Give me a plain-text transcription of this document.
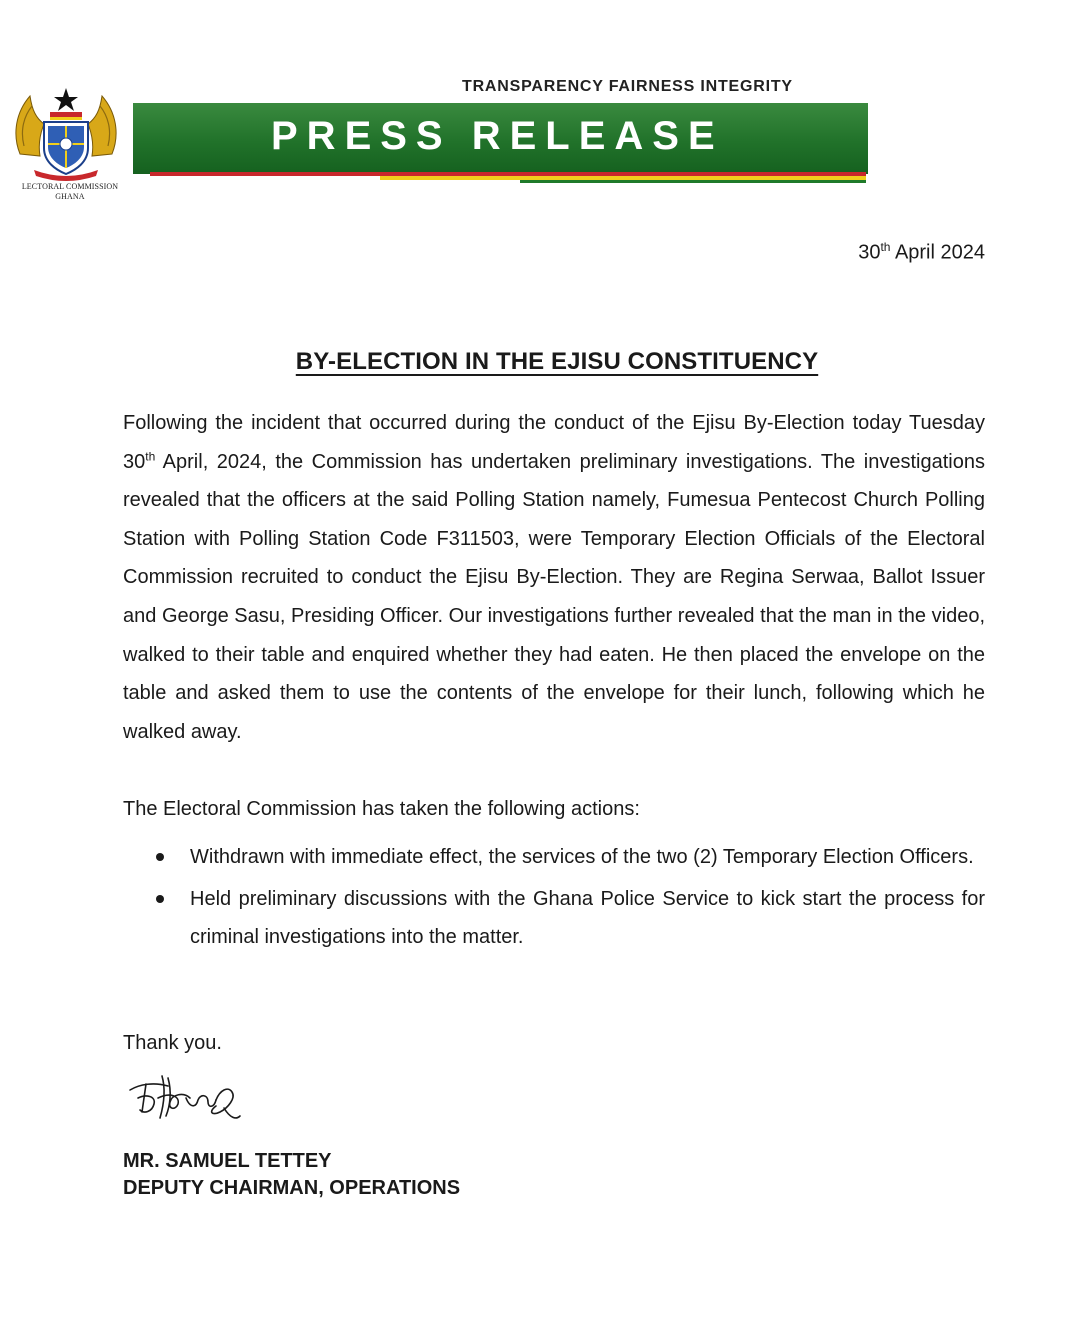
LECTORAL COMMISSION
GHANA
TRANSPARENCY FAIRNESS INTEGRITY
PRESS RELEASE
30th April 2024
BY-ELECTION IN THE EJISU CONSTITUENCY
Following the incident that occurred during the conduct of the Ejisu By-Election today Tuesday 30th April, 2024, the Commission has undertaken preliminary investigations. The investigations revealed that the officers at the said Polling Station namely, Fumesua Pentecost Church Polling Station with Polling Station Code F311503, were Temporary Election Officials of the Electoral Commission recruited to conduct the Ejisu By-Election. They are Regina Serwaa, Ballot Issuer and George Sasu, Presiding Officer. Our investigations further revealed that the man in the video, walked to their table and enquired whether they had eaten. He then placed the envelope on the table and asked them to use the contents of the envelope for their lunch, following which he walked away.
The Electoral Commission has taken the following actions:
Withdrawn with immediate effect, the services of the two (2) Temporary Election Officers.
Held preliminary discussions with the Ghana Police Service to kick start the process for criminal investigations into the matter.
Thank you.
MR. SAMUEL TETTEY
DEPUTY CHAIRMAN, OPERATIONS
